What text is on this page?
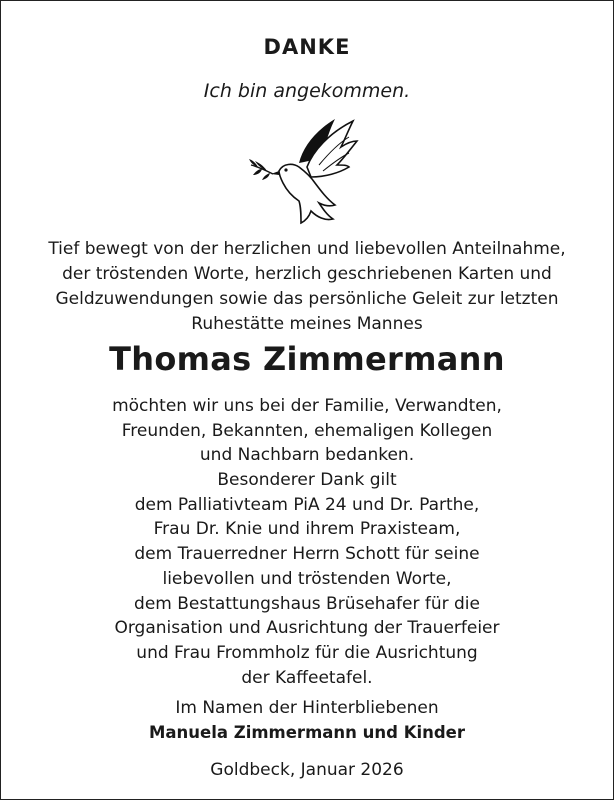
DANKE
Ich bin angekommen.
Tief bewegt von der herzlichen und liebevollen Anteilnahme,
der tröstenden Worte, herzlich geschriebenen Karten und
Geldzuwendungen sowie das persönliche Geleit zur letzten
Ruhestätte meines Mannes
Thomas Zimmermann
möchten wir uns bei der Familie, Verwandten,
Freunden, Bekannten, ehemaligen Kollegen
und Nachbarn bedanken.
Besonderer Dank gilt
dem Palliativteam PiA 24 und Dr. Parthe,
Frau Dr. Knie und ihrem Praxisteam,
dem Trauerredner Herrn Schott für seine
liebevollen und tröstenden Worte,
dem Bestattungshaus Brüsehafer für die
Organisation und Ausrichtung der Trauerfeier
und Frau Frommholz für die Ausrichtung
der Kaffeetafel.
Im Namen der Hinterbliebenen
Manuela Zimmermann und Kinder
Goldbeck, Januar 2026
